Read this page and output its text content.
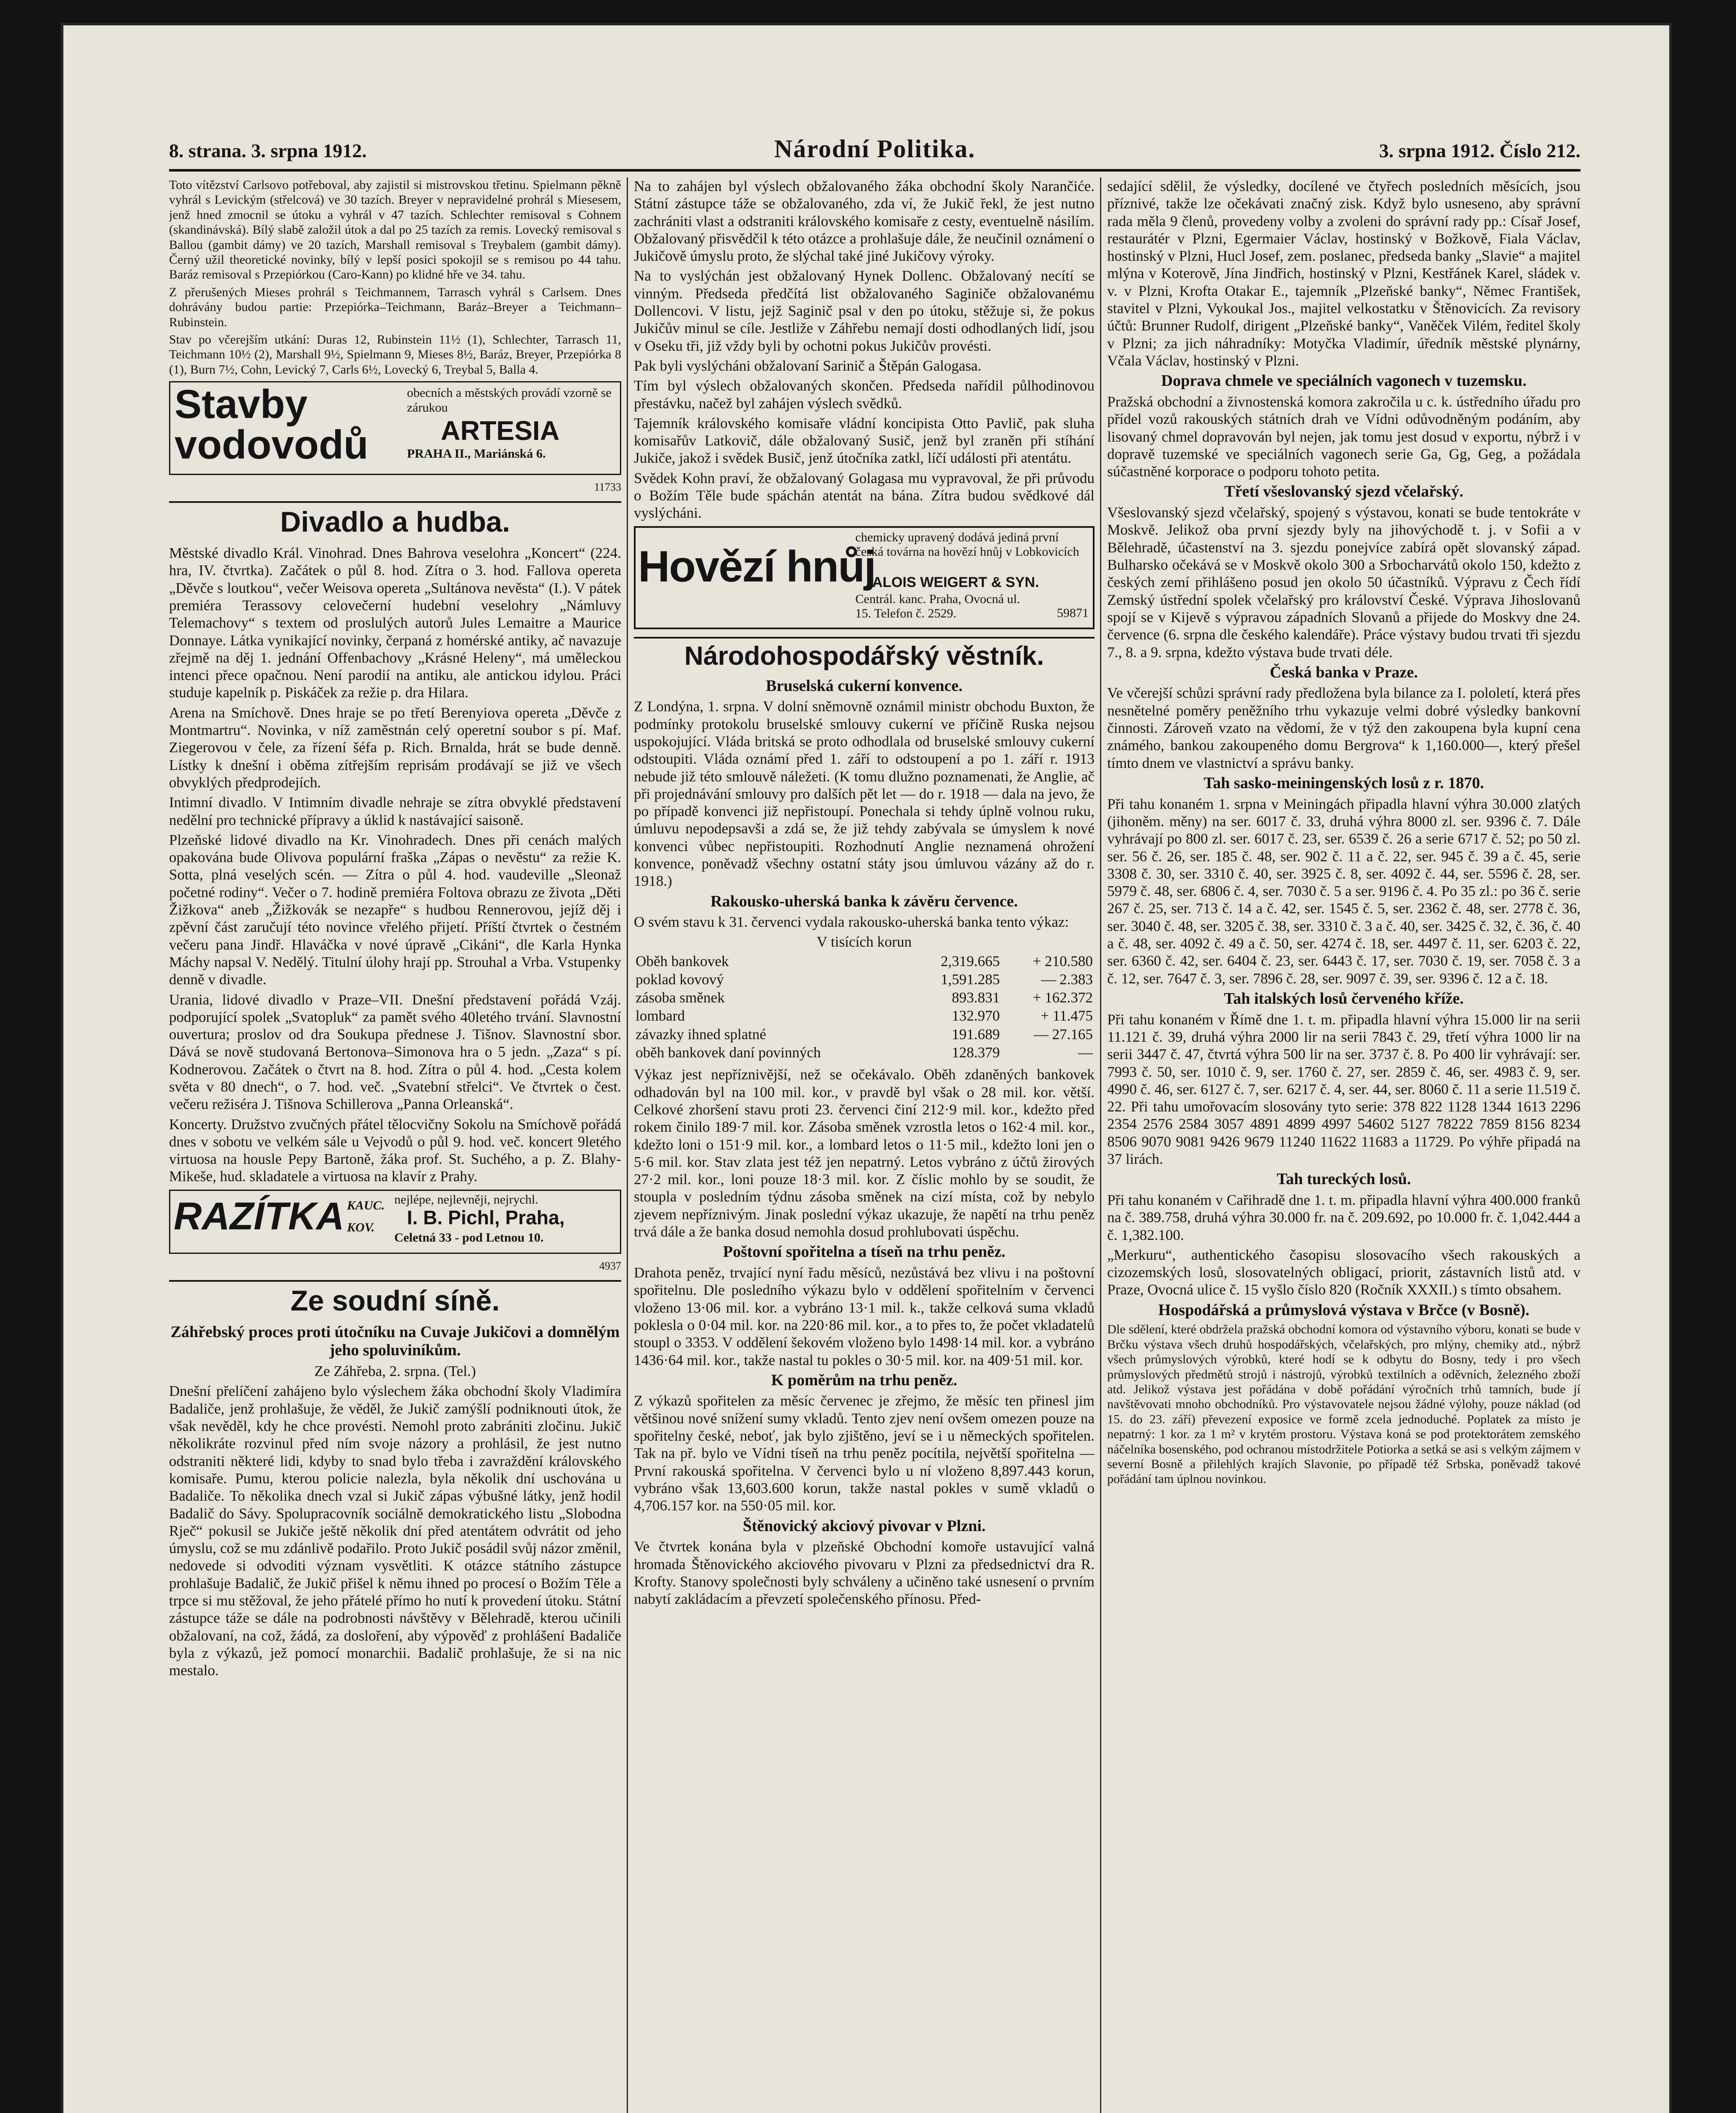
8. strana. 3. srpna 1912.	Národní Politika.	3. srpna 1912. Číslo 212.

Toto vítězství Carlsovo potřeboval, aby zajistil si mistrovskou třetinu. Spielmann pěkně vyhrál s Levickým (střelcová) ve 30 tazích. Breyer v nepravidelné prohrál s Miesesem, jenž hned zmocnil se útoku a vyhrál v 47 tazích. Schlechter remisoval s Cohnem (skandinávská). Bílý slabě založil útok a dal po 25 tazích za remis. Lovecký remisoval s Ballou (gambit dámy) ve 20 tazích, Marshall remisoval s Treybalem (gambit dámy). Černý užil theoretické novinky, bílý v lepší posici spokojil se s remisou po 44 tahu. Baráz remisoval s Przepiórkou (Caro-Kann) po klidné hře ve 34. tahu.

Z přerušených Mieses prohrál s Teichmannem, Tarrasch vyhrál s Carlsem. Dnes dohrávány budou partie: Przepiórka–Teichmann, Baráz–Breyer a Teichmann–Rubinstein.

Stav po včerejším utkání: Duras 12, Rubinstein 11½ (1), Schlechter, Tarrasch 11, Teichmann 10½ (2), Marshall 9½, Spielmann 9, Mieses 8½, Baráz, Breyer, Przepiórka 8 (1), Burn 7½, Cohn, Levický 7, Carls 6½, Lovecký 6, Treybal 5, Balla 4.

Stavby
vodovodů
obecních a městských provádí vzorně se zárukou
ARTESIA
PRAHA II., Mariánská 6.
11733
Divadlo a hudba.

Městské divadlo Král. Vinohrad. Dnes Bahrova veselohra „Koncert“ (224. hra, IV. čtvrtka). Začátek o půl 8. hod. Zítra o 3. hod. Fallova opereta „Děvče s loutkou“, večer Weisova opereta „Sultánova nevěsta“ (I.). V pátek premiéra Terassovy celovečerní hudební veselohry „Námluvy Telemachovy“ s textem od proslulých autorů Jules Lemaitre a Maurice Donnaye. Látka vynikající novinky, čerpaná z homérské antiky, ač navazuje zřejmě na děj 1. jednání Offenbachovy „Krásné Heleny“, má uměleckou intenci přece opačnou. Není parodií na antiku, ale antickou idylou. Práci studuje kapelník p. Piskáček za režie p. dra Hilara.

Arena na Smíchově. Dnes hraje se po třetí Berenyiova opereta „Děvče z Montmartru“. Novinka, v níž zaměstnán celý operetní soubor s pí. Maf. Ziegerovou v čele, za řízení šéfa p. Rich. Brnalda, hrát se bude denně. Lístky k dnešní i oběma zítřejším reprisám prodávají se již ve všech obvyklých předprodejích.

Intimní divadlo. V Intimním divadle nehraje se zítra obvyklé představení nedělní pro technické přípravy a úklid k nastávající saisoně.

Plzeňské lidové divadlo na Kr. Vinohradech. Dnes při cenách malých opakována bude Olivova populární fraška „Zápas o nevěstu“ za režie K. Sotta, plná veselých scén. — Zítra o půl 4. hod. vaudeville „Sleonaž početné rodiny“. Večer o 7. hodině premiéra Foltova obrazu ze života „Děti Žižkova“ aneb „Žižkovák se nezapře“ s hudbou Rennerovou, jejíž děj i zpěvní část zaručují této novince vřelého přijetí. Příští čtvrtek o čestném večeru pana Jindř. Hlaváčka v nové úpravě „Cikáni“, dle Karla Hynka Máchy napsal V. Nedělý. Titulní úlohy hrají pp. Strouhal a Vrba. Vstupenky denně v divadle.

Urania, lidové divadlo v Praze–VII. Dnešní představení pořádá Vzáj. podporující spolek „Svatopluk“ za pamět svého 40letého trvání. Slavnostní ouvertura; proslov od dra Soukupa přednese J. Tišnov. Slavnostní sbor. Dává se nově studovaná Bertonova–Simonova hra o 5 jedn. „Zaza“ s pí. Kodnerovou. Začátek o čtvrt na 8. hod. Zítra o půl 4. hod. „Cesta kolem světa v 80 dnech“, o 7. hod. več. „Svatební střelci“. Ve čtvrtek o čest. večeru režiséra J. Tišnova Schillerova „Panna Orleanská“.

Koncerty. Družstvo zvučných přátel tělocvičny Sokolu na Smíchově pořádá dnes v sobotu ve velkém sále u Vejvodů o půl 9. hod. več. koncert 9letého virtuosa na housle Pepy Bartoně, žáka prof. St. Suchého, a p. Z. Blahy-Mikeše, hud. skladatele a virtuosa na klavír z Prahy.

RAZÍTKA KAUC.
KOV.
nejlépe, nejlevněji, nejrychl.
I. B. Pichl, Praha,
Celetná 33 - pod Letnou 10.
4937
Ze soudní síně.
Záhřebský proces proti útočníku na Cuvaje Jukičovi a domnělým jeho spoluviníkům.

Ze Záhřeba, 2. srpna. (Tel.)

Dnešní přelíčení zahájeno bylo výslechem žáka obchodní školy Vladimíra Badaliče, jenž prohlašuje, že věděl, že Jukič zamýšlí podniknouti útok, že však nevěděl, kdy he chce provésti. Nemohl proto zabrániti zločinu. Jukič několikráte rozvinul před ním svoje názory a prohlásil, že jest nutno odstraniti některé lidi, kdyby to snad bylo třeba i zavraždění královského komisaře. Pumu, kterou policie nalezla, byla několik dní uschována u Badaliče. To několika dnech vzal si Jukič zápas výbušné látky, jenž hodil Badalič do Sávy. Spolupracovník sociálně demokratického listu „Slobodna Rječ“ pokusil se Jukiče ještě několik dní před atentátem odvrátit od jeho úmyslu, což se mu zdánlivě podařilo. Proto Jukič posádil svůj názor změnil, nedovede si odvoditi význam vysvětliti. K otázce státního zástupce prohlašuje Badalič, že Jukič přišel k němu ihned po procesí o Božím Těle a trpce si mu stěžoval, že jeho přátelé přímo ho nutí k provedení útoku. Státní zástupce táže se dále na podrobnosti návštěvy v Bělehradě, kterou učinili obžalovaní, na což, žádá, za dosloření, aby výpověď z prohlášení Badaliče byla z výkazů, jež pomocí monarchii. Badalič prohlašuje, že si na nic mestalo.

Na to zahájen byl výslech obžalovaného žáka obchodní školy Narančiće. Státní zástupce táže se obžalovaného, zda ví, že Jukič řekl, že jest nutno zachrániti vlast a odstraniti královského komisaře z cesty, eventuelně násilím. Obžalovaný přisvědčil k této otázce a prohlašuje dále, že neučinil oznámení o Jukičově úmyslu proto, že slýchal také jiné Jukičovy výroky.

Na to vyslýchán jest obžalovaný Hynek Dollenc. Obžalovaný necítí se vinným. Předseda předčítá list obžalovaného Saginiče obžalovanému Dollencovi. V listu, jejž Saginič psal v den po útoku, stěžuje si, že pokus Jukičův minul se cíle. Jestliže v Záhřebu nemají dosti odhodlaných lidí, jsou v Oseku tři, již vždy byli by ochotni pokus Jukičův provésti.

Pak byli vyslýcháni obžalovaní Sarinič a Štěpán Galogasa.

Tím byl výslech obžalovaných skončen. Předseda nařídil půlhodinovou přestávku, načež byl zahájen výslech svědků.

Tajemník královského komisaře vládní koncipista Otto Pavlič, pak sluha komisařův Latkovič, dále obžalovaný Susič, jenž byl zraněn při stíhání Jukiče, jakož i svědek Busič, jenž útočníka zatkl, líčí události při atentátu.

Svědek Kohn praví, že obžalovaný Golagasa mu vypravoval, že při průvodu o Božím Těle bude spáchán atentát na bána. Zítra budou svědkové dál vyslýcháni.

Hovězí hnůj
chemicky upravený dodává jediná první česká továrna na hovězí hnůj v Lobkovicích
ALOIS WEIGERT & SYN.
Centrál. kanc. Praha, Ovocná ul. 15. Telefon č. 2529.	59871
Národohospodářský věstník.
Bruselská cukerní konvence.

Z Londýna, 1. srpna. V dolní sněmovně oznámil ministr obchodu Buxton, že podmínky protokolu bruselské smlouvy cukerní ve příčině Ruska nejsou uspokojující. Vláda britská se proto odhodlala od bruselské smlouvy cukerní odstoupiti. Vláda oznámí před 1. září to odstoupení a po 1. září r. 1913 nebude již této smlouvě náležeti. (K tomu dlužno poznamenati, že Anglie, ač při projednávání smlouvy pro dalších pět let — do r. 1918 — dala na jevo, že po případě konvenci již nepřistoupí. Ponechala si tehdy úplně volnou ruku, úmluvu nepodepsavši a zdá se, že již tehdy zabývala se úmyslem k nové konvenci vůbec nepřistoupiti. Rozhodnutí Anglie neznamená ohrožení konvence, poněvadž všechny ostatní státy jsou úmluvou vázány až do r. 1918.)

Rakousko-uherská banka k závěru července.

O svém stavu k 31. červenci vydala rakousko-uherská banka tento výkaz:

V tisících korun
Oběh bankovek	2,319.665	+ 210.580
poklad kovový	1,591.285	— 2.383
zásoba směnek	893.831	+ 162.372
lombard	132.970	+ 11.475
závazky ihned splatné	191.689	— 27.165
oběh bankovek daní povinných	128.379	—

Výkaz jest nepříznivější, než se očekávalo. Oběh zdaněných bankovek odhadován byl na 100 mil. kor., v pravdě byl však o 28 mil. kor. větší. Celkové zhoršení stavu proti 23. červenci činí 212·9 mil. kor., kdežto před rokem činilo 189·7 mil. kor. Zásoba směnek vzrostla letos o 162·4 mil. kor., kdežto loni o 151·9 mil. kor., a lombard letos o 11·5 mil., kdežto loni jen o 5·6 mil. kor. Stav zlata jest též jen nepatrný. Letos vybráno z účtů žirových 27·2 mil. kor., loni pouze 18·3 mil. kor. Z číslic mohlo by se soudit, že stoupla v posledním týdnu zásoba směnek na cizí místa, což by nebylo zjevem nepříznivým. Jinak poslední výkaz ukazuje, že napětí na trhu peněz trvá dále a že banka dosud nemohla dosud prohlubovati úspěchu.

Poštovní spořitelna a tíseň na trhu peněz.

Drahota peněz, trvající nyní řadu měsíců, nezůstává bez vlivu i na poštovní spořitelnu. Dle posledního výkazu bylo v oddělení spořitelním v červenci vloženo 13·06 mil. kor. a vybráno 13·1 mil. k., takže celková suma vkladů poklesla o 0·04 mil. kor. na 220·86 mil. kor., a to přes to, že počet vkladatelů stoupl o 3353. V oddělení šekovém vloženo bylo 1498·14 mil. kor. a vybráno 1436·64 mil. kor., takže nastal tu pokles o 30·5 mil. kor. na 409·51 mil. kor.

K poměrům na trhu peněz.

Z výkazů spořitelen za měsíc červenec je zřejmo, že měsíc ten přinesl jim většinou nové snížení sumy vkladů. Tento zjev není ovšem omezen pouze na spořitelny české, neboť, jak bylo zjištěno, jeví se i u německých spořitelen. Tak na př. bylo ve Vídni tíseň na trhu peněz pocítila, největší spořitelna — První rakouská spořitelna. V červenci bylo u ní vloženo 8,897.443 korun, vybráno však 13,603.600 korun, takže nastal pokles v sumě vkladů o 4,706.157 kor. na 550·05 mil. kor.

Štěnovický akciový pivovar v Plzni.

Ve čtvrtek konána byla v plzeňské Obchodní komoře ustavující valná hromada Štěnovického akciového pivovaru v Plzni za předsednictví dra R. Krofty. Stanovy společnosti byly schváleny a učiněno také usnesení o prvním nabytí zakládacím a převzetí společenského přínosu. Před-

sedající sdělil, že výsledky, docílené ve čtyřech posledních měsících, jsou příznivé, takže lze očekávati značný zisk. Když bylo usneseno, aby správní rada měla 9 členů, provedeny volby a zvoleni do správní rady pp.: Císař Josef, restaurátér v Plzni, Egermaier Václav, hostinský v Božkově, Fiala Václav, hostinský v Plzni, Hucl Josef, zem. poslanec, předseda banky „Slavie“ a majitel mlýna v Koterově, Jína Jindřich, hostinský v Plzni, Kestřánek Karel, sládek v. v. v Plzni, Krofta Otakar E., tajemník „Plzeňské banky“, Němec František, stavitel v Plzni, Vykoukal Jos., majitel velkostatku v Štěnovicích. Za revisory účtů: Brunner Rudolf, dirigent „Plzeňské banky“, Vaněček Vilém, ředitel školy v Plzni; za jich náhradníky: Motyčka Vladimír, úředník městské plynárny, Včala Václav, hostinský v Plzni.

Doprava chmele ve speciálních vagonech v tuzemsku.

Pražská obchodní a živnostenská komora zakročila u c. k. ústředního úřadu pro přídel vozů rakouských státních drah ve Vídni odůvodněným podáním, aby lisovaný chmel dopravován byl nejen, jak tomu jest dosud v exportu, nýbrž i v dopravě tuzemské ve speciálních vagonech serie Ga, Gg, Geg, a požádala súčastněné korporace o podporu tohoto petita.

Třetí všeslovanský sjezd včelařský.

Všeslovanský sjezd včelařský, spojený s výstavou, konati se bude tentokráte v Moskvě. Jelikož oba první sjezdy byly na jihovýchodě t. j. v Sofii a v Bělehradě, účastenství na 3. sjezdu ponejvíce zabírá opět slovanský západ. Bulharsko očekává se v Moskvě okolo 300 a Srbocharvátů okolo 150, kdežto z českých zemí přihlášeno posud jen okolo 50 účastníků. Výpravu z Čech řídí Zemský ústřední spolek včelařský pro království České. Výprava Jihoslovanů spojí se v Kijevě s výpravou západních Slovanů a přijede do Moskvy dne 24. července (6. srpna dle českého kalendáře). Práce výstavy budou trvati tři sjezdu 7., 8. a 9. srpna, kdežto výstava bude trvati déle.

Česká banka v Praze.

Ve včerejší schůzi správní rady předložena byla bilance za I. pololetí, která přes nesnětelné poměry peněžního trhu vykazuje velmi dobré výsledky bankovní činnosti. Zároveň vzato na vědomí, že v týž den zakoupena byla kupní cena známého, bankou zakoupeného domu Bergrova“ k 1,160.000—, který přešel tímto dnem ve vlastnictví a správu banky.

Tah sasko-meiningenských losů z r. 1870.

Při tahu konaném 1. srpna v Meiningách připadla hlavní výhra 30.000 zlatých (jihoněm. měny) na ser. 6017 č. 33, druhá výhra 8000 zl. ser. 9396 č. 7. Dále vyhrávají po 800 zl. ser. 6017 č. 23, ser. 6539 č. 26 a serie 6717 č. 52; po 50 zl. ser. 56 č. 26, ser. 185 č. 48, ser. 902 č. 11 a č. 22, ser. 945 č. 39 a č. 45, serie 3308 č. 30, ser. 3310 č. 40, ser. 3925 č. 8, ser. 4092 č. 44, ser. 5596 č. 28, ser. 5979 č. 48, ser. 6806 č. 4, ser. 7030 č. 5 a ser. 9196 č. 4. Po 35 zl.: po 36 č. serie 267 č. 25, ser. 713 č. 14 a č. 42, ser. 1545 č. 5, ser. 2362 č. 48, ser. 2778 č. 36, ser. 3040 č. 48, ser. 3205 č. 38, ser. 3310 č. 3 a č. 40, ser. 3425 č. 32, č. 36, č. 40 a č. 48, ser. 4092 č. 49 a č. 50, ser. 4274 č. 18, ser. 4497 č. 11, ser. 6203 č. 22, ser. 6360 č. 42, ser. 6404 č. 23, ser. 6443 č. 17, ser. 7030 č. 19, ser. 7058 č. 3 a č. 12, ser. 7647 č. 3, ser. 7896 č. 28, ser. 9097 č. 39, ser. 9396 č. 12 a č. 18.

Tah italských losů červeného kříže.

Při tahu konaném v Římě dne 1. t. m. připadla hlavní výhra 15.000 lir na serii 11.121 č. 39, druhá výhra 2000 lir na serii 7843 č. 29, třetí výhra 1000 lir na serii 3447 č. 47, čtvrtá výhra 500 lir na ser. 3737 č. 8. Po 400 lir vyhrávají: ser. 7993 č. 50, ser. 1010 č. 9, ser. 1760 č. 27, ser. 2859 č. 46, ser. 4983 č. 9, ser. 4990 č. 46, ser. 6127 č. 7, ser. 6217 č. 4, ser. 44, ser. 8060 č. 11 a serie 11.519 č. 22. Při tahu umořovacím slosovány tyto serie: 378 822 1128 1344 1613 2296 2354 2576 2584 3057 4891 4899 4997 54602 5127 78222 7859 8156 8234 8506 9070 9081 9426 9679 11240 11622 11683 a 11729. Po výhře připadá na 37 lirách.

Tah tureckých losů.

Při tahu konaném v Cařihradě dne 1. t. m. připadla hlavní výhra 400.000 franků na č. 389.758, druhá výhra 30.000 fr. na č. 209.692, po 10.000 fr. č. 1,042.444 a č. 1,382.100.

„Merkuru“, authentického časopisu slosovacího všech rakouských a cizozemských losů, slosovatelných obligací, priorit, zástavních listů atd. v Praze, Ovocná ulice č. 15 vyšlo číslo 820 (Ročník XXXII.) s tímto obsahem.

Hospodářská a průmyslová výstava v Brčce (v Bosně).

Dle sdělení, které obdržela pražská obchodní komora od výstavního výboru, konati se bude v Brčku výstava všech druhů hospodářských, včelařských, pro mlýny, chemiky atd., nýbrž všech průmyslových výrobků, které hodí se k odbytu do Bosny, tedy i pro všech průmyslových předmětů strojů i nástrojů, výrobků textilních a oděvních, železného zboží atd. Jelikož výstava jest pořádána v době pořádání výročních trhů tamních, bude jí navštěvovati mnoho obchodníků. Pro výstavovatele nejsou žádné výlohy, pouze náklad (od 15. do 23. září) převezení exposice ve formě zcela jednoduché. Poplatek za místo je nepatrný: 1 kor. za 1 m² v krytém prostoru. Výstava koná se pod protektorátem zemského náčelníka bosenského, pod ochranou místodržitele Potiorka a setká se asi s velkým zájmem v severní Bosně a přilehlých krajích Slavonie, po případě též Srbska, poněvadž takové pořádání tam úplnou novinkou.
